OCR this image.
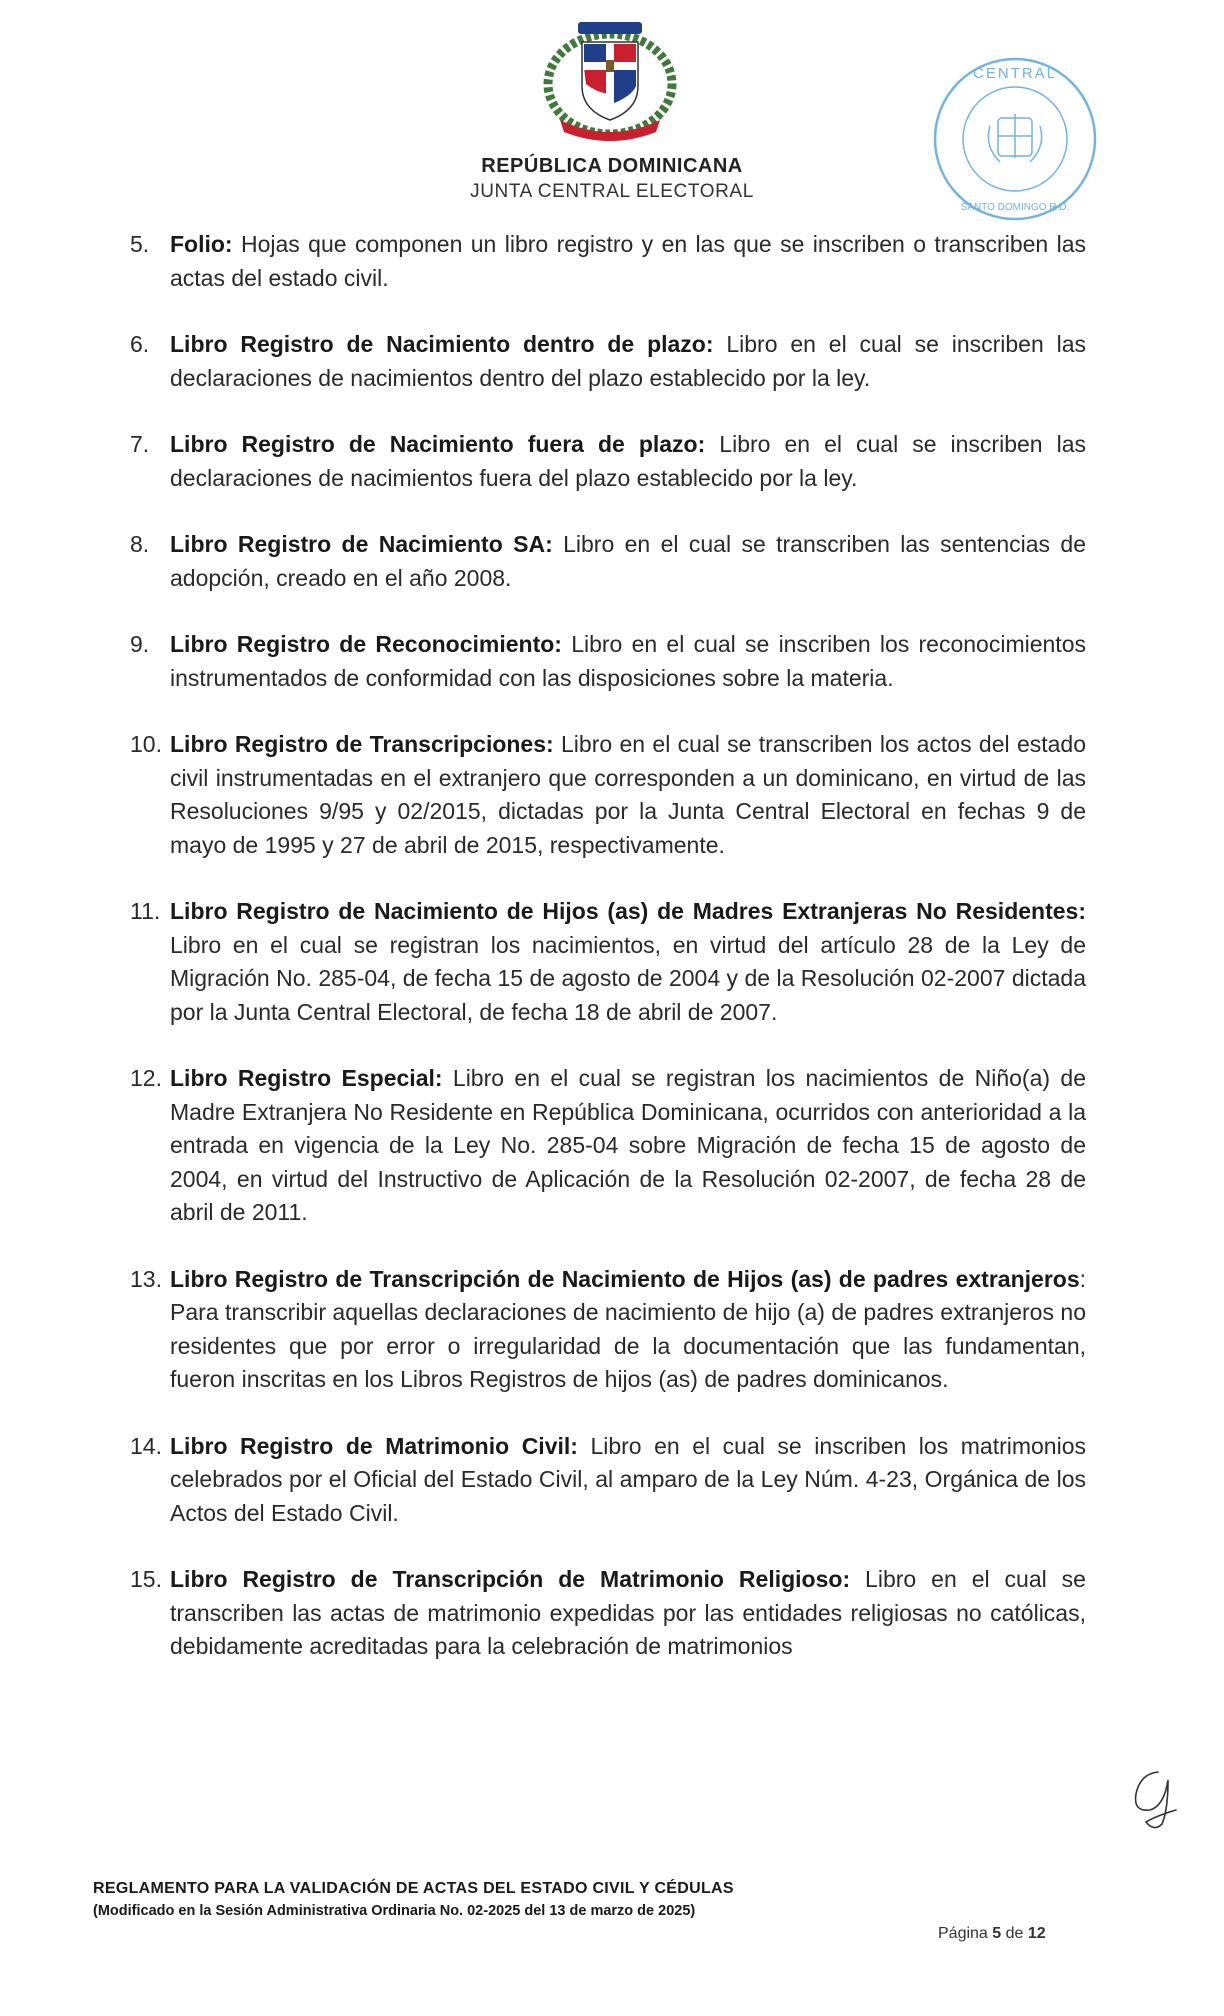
CENTRAL
SANTO DOMINGO R.D.
REPÚBLICA DOMINICANA
JUNTA CENTRAL ELECTORAL
5. Folio: Hojas que componen un libro registro y en las que se inscriben o transcriben las actas del estado civil.
6. Libro Registro de Nacimiento dentro de plazo: Libro en el cual se inscriben las declaraciones de nacimientos dentro del plazo establecido por la ley.
7. Libro Registro de Nacimiento fuera de plazo: Libro en el cual se inscriben las declaraciones de nacimientos fuera del plazo establecido por la ley.
8. Libro Registro de Nacimiento SA: Libro en el cual se transcriben las sentencias de adopción, creado en el año 2008.
9. Libro Registro de Reconocimiento: Libro en el cual se inscriben los reconocimientos instrumentados de conformidad con las disposiciones sobre la materia.
10. Libro Registro de Transcripciones: Libro en el cual se transcriben los actos del estado civil instrumentadas en el extranjero que corresponden a un dominicano, en virtud de las Resoluciones 9/95 y 02/2015, dictadas por la Junta Central Electoral en fechas 9 de mayo de 1995 y 27 de abril de 2015, respectivamente.
11. Libro Registro de Nacimiento de Hijos (as) de Madres Extranjeras No Residentes: Libro en el cual se registran los nacimientos, en virtud del artículo 28 de la Ley de Migración No. 285-04, de fecha 15 de agosto de 2004 y de la Resolución 02-2007 dictada por la Junta Central Electoral, de fecha 18 de abril de 2007.
12. Libro Registro Especial: Libro en el cual se registran los nacimientos de Niño(a) de Madre Extranjera No Residente en República Dominicana, ocurridos con anterioridad a la entrada en vigencia de la Ley No. 285-04 sobre Migración de fecha 15 de agosto de 2004, en virtud del Instructivo de Aplicación de la Resolución 02-2007, de fecha 28 de abril de 2011.
13. Libro Registro de Transcripción de Nacimiento de Hijos (as) de padres extranjeros: Para transcribir aquellas declaraciones de nacimiento de hijo (a) de padres extranjeros no residentes que por error o irregularidad de la documentación que las fundamentan, fueron inscritas en los Libros Registros de hijos (as) de padres dominicanos.
14. Libro Registro de Matrimonio Civil: Libro en el cual se inscriben los matrimonios celebrados por el Oficial del Estado Civil, al amparo de la Ley Núm. 4-23, Orgánica de los Actos del Estado Civil.
15. Libro Registro de Transcripción de Matrimonio Religioso: Libro en el cual se transcriben las actas de matrimonio expedidas por las entidades religiosas no católicas, debidamente acreditadas para la celebración de matrimonios
REGLAMENTO PARA LA VALIDACIÓN DE ACTAS DEL ESTADO CIVIL Y CÉDULAS
(Modificado en la Sesión Administrativa Ordinaria No. 02-2025 del 13 de marzo de 2025)
Página 5 de 12
